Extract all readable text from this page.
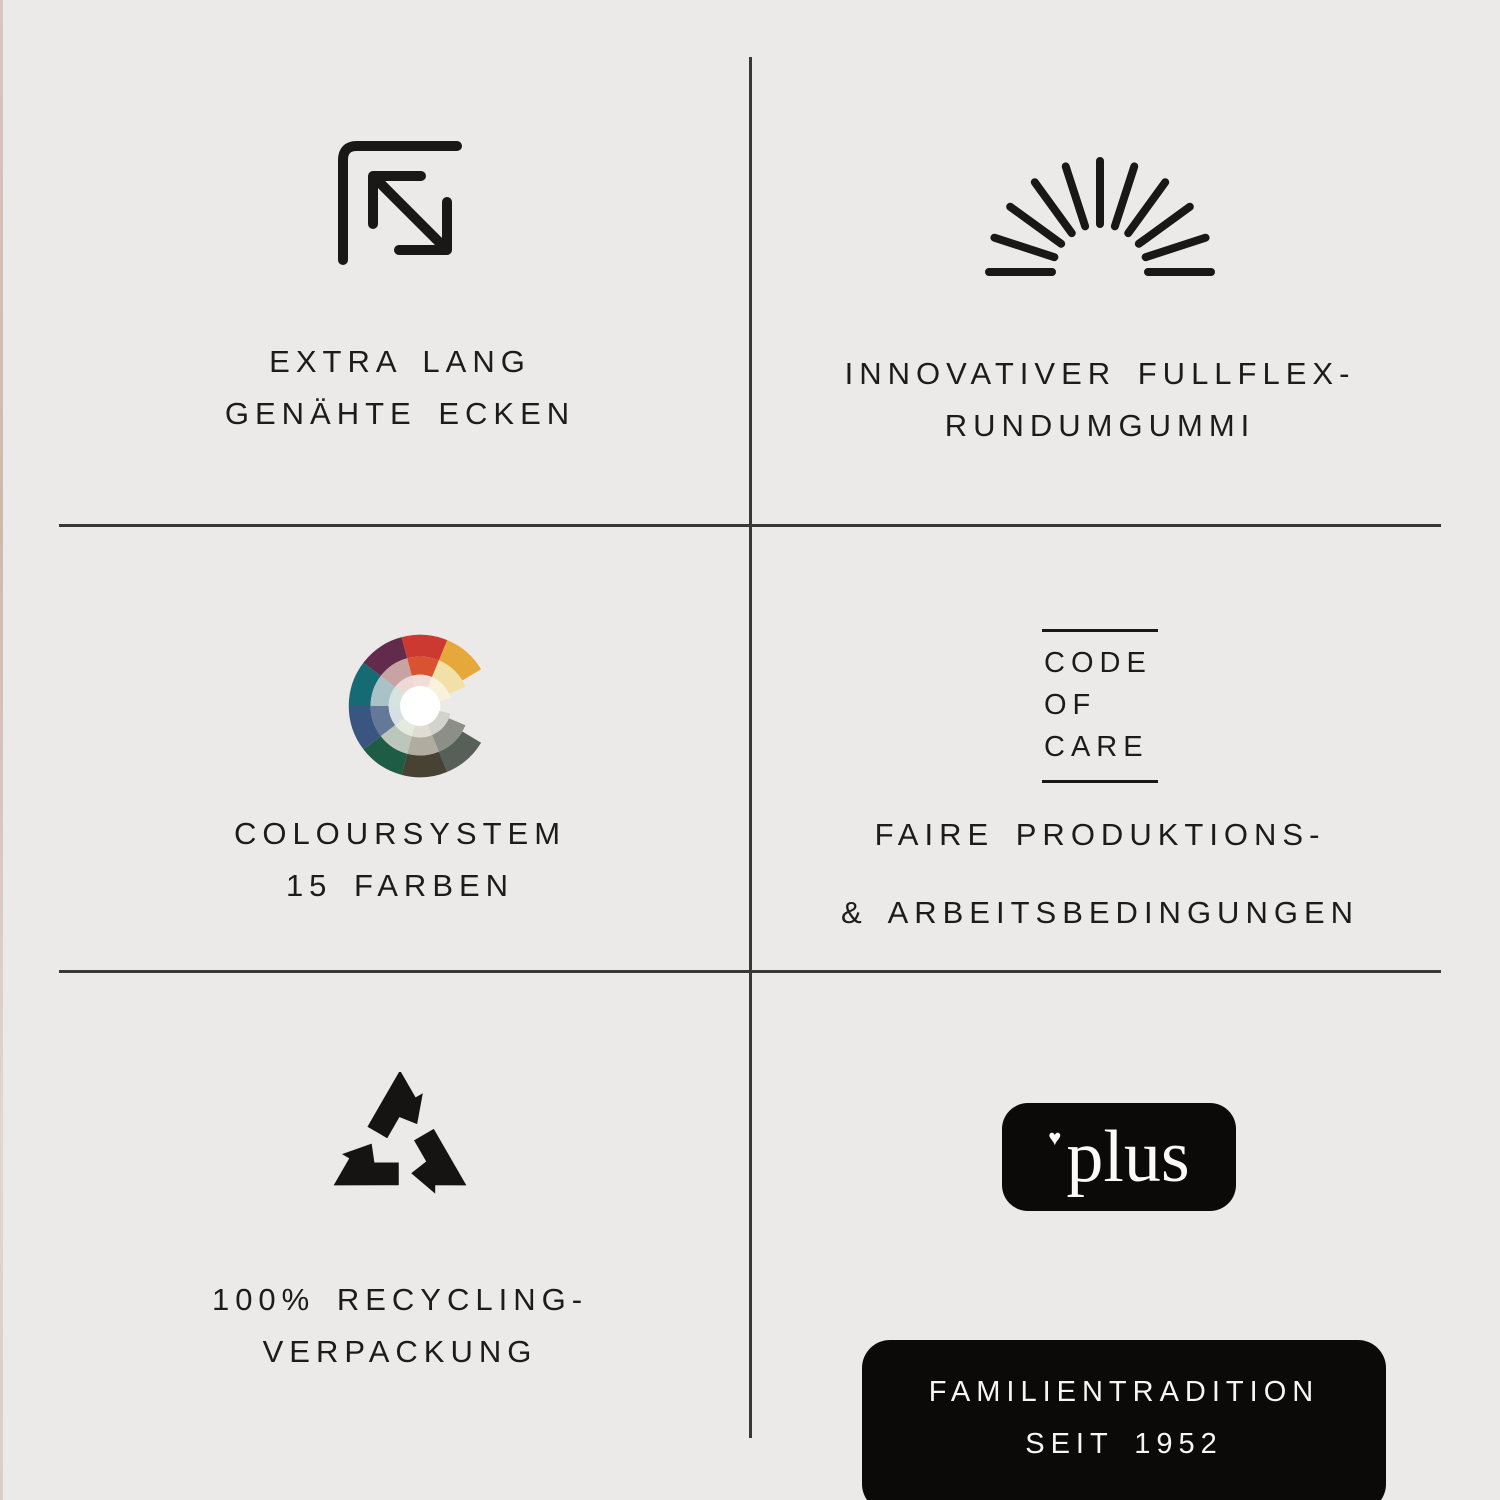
EXTRA LANG

GENÄHTE ECKEN

INNOVATIVER FULLFLEX-

RUNDUMGUMMI

COLOURSYSTEM

15 FARBEN

CODE

OF

CARE

FAIRE PRODUKTIONS-

& ARBEITSBEDINGUNGEN

100% RECYCLING-

VERPACKUNG

♥ plus

FAMILIENTRADITION

SEIT 1952
